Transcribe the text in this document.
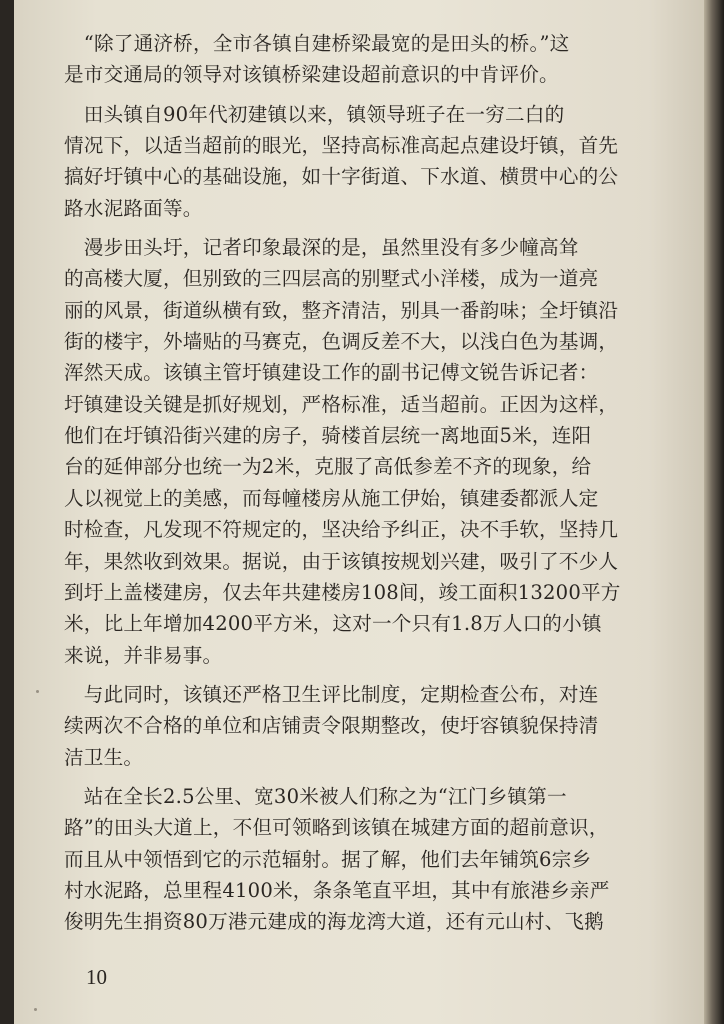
　“除了通济桥，全市各镇自建桥梁最宽的是田头的桥。”这
是市交通局的领导对该镇桥梁建设超前意识的中肯评价。
　田头镇自90年代初建镇以来，镇领导班子在一穷二白的
情况下，以适当超前的眼光，坚持高标准高起点建设圩镇，首先
搞好圩镇中心的基础设施，如十字街道、下水道、横贯中心的公
路水泥路面等。
　漫步田头圩，记者印象最深的是，虽然里没有多少幢高耸
的高楼大厦，但别致的三四层高的别墅式小洋楼，成为一道亮
丽的风景，街道纵横有致，整齐清洁，别具一番韵味；全圩镇沿
街的楼宇，外墙贴的马赛克，色调反差不大，以浅白色为基调，
浑然天成。该镇主管圩镇建设工作的副书记傅文锐告诉记者：
圩镇建设关键是抓好规划，严格标准，适当超前。正因为这样，
他们在圩镇沿街兴建的房子，骑楼首层统一离地面5米，连阳
台的延伸部分也统一为2米，克服了高低参差不齐的现象，给
人以视觉上的美感，而每幢楼房从施工伊始，镇建委都派人定
时检查，凡发现不符规定的，坚决给予纠正，决不手软，坚持几
年，果然收到效果。据说，由于该镇按规划兴建，吸引了不少人
到圩上盖楼建房，仅去年共建楼房108间，竣工面积13200平方
米，比上年增加4200平方米，这对一个只有1.8万人口的小镇
来说，并非易事。
　与此同时，该镇还严格卫生评比制度，定期检查公布，对连
续两次不合格的单位和店铺责令限期整改，使圩容镇貌保持清
洁卫生。
　站在全长2.5公里、宽30米被人们称之为“江门乡镇第一
路”的田头大道上，不但可领略到该镇在城建方面的超前意识，
而且从中领悟到它的示范辐射。据了解，他们去年铺筑6宗乡
村水泥路，总里程4100米，条条笔直平坦，其中有旅港乡亲严
俊明先生捐资80万港元建成的海龙湾大道，还有元山村、飞鹅
10
